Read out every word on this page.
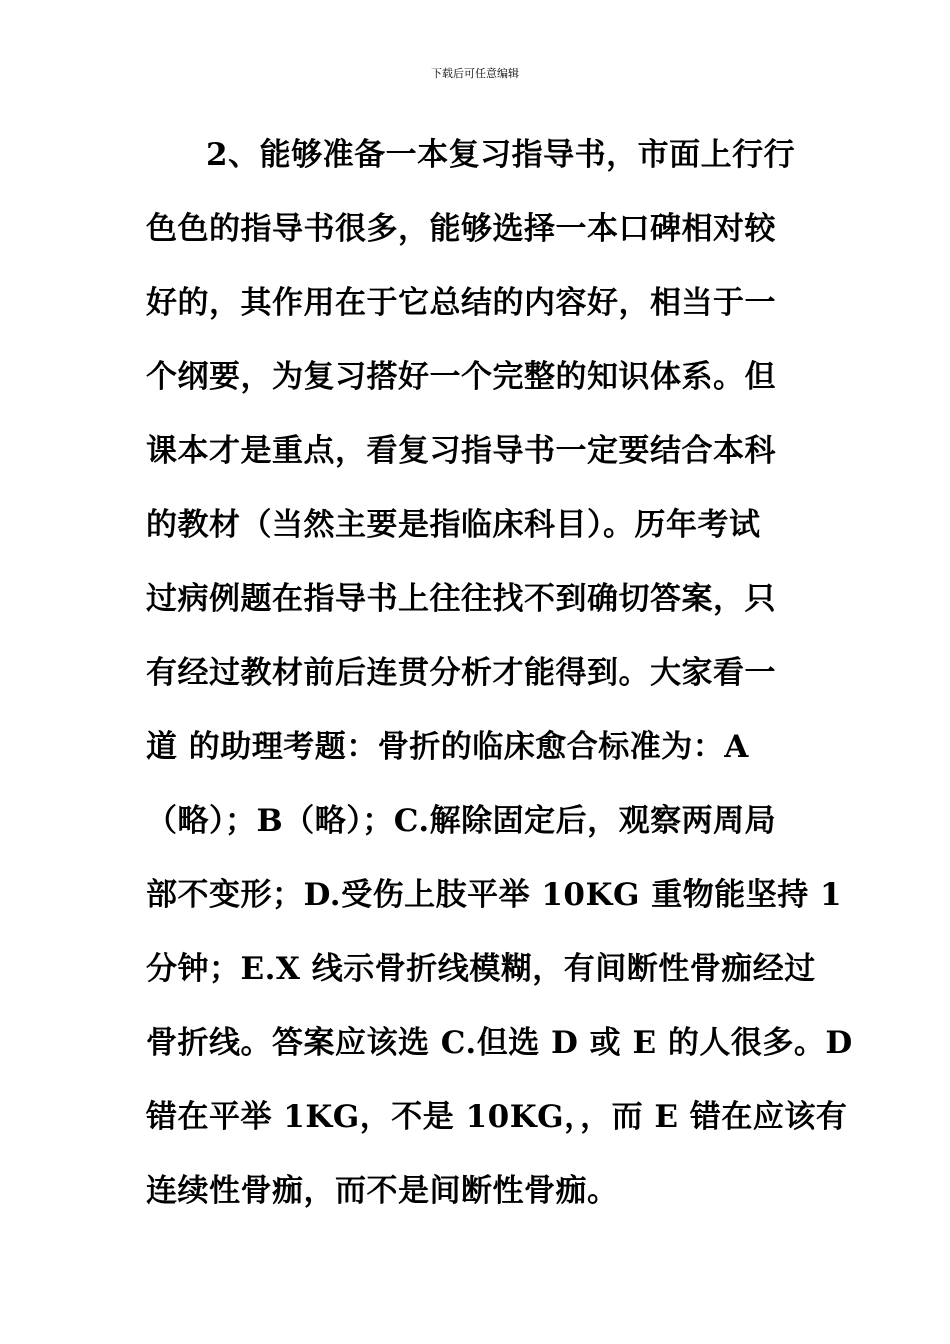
下载后可任意编辑
2、能够准备一本复习指导书，市面上行行
色色的指导书很多，能够选择一本口碑相对较
好的，其作用在于它总结的内容好，相当于一
个纲要，为复习搭好一个完整的知识体系。但
课本才是重点，看复习指导书一定要结合本科
的教材（当然主要是指临床科目）。历年考试
过病例题在指导书上往往找不到确切答案，只
有经过教材前后连贯分析才能得到。大家看一
道 的助理考题：骨折的临床愈合标准为：A
（略）；B（略）；C.解除固定后，观察两周局
部不变形；D.受伤上肢平举 10KG 重物能坚持 1
分钟；E.X 线示骨折线模糊，有间断性骨痂经过
骨折线。答案应该选 C.但选 D 或 E 的人很多。D
错在平举 1KG，不是 10KG，，而 E 错在应该有
连续性骨痂，而不是间断性骨痂。
